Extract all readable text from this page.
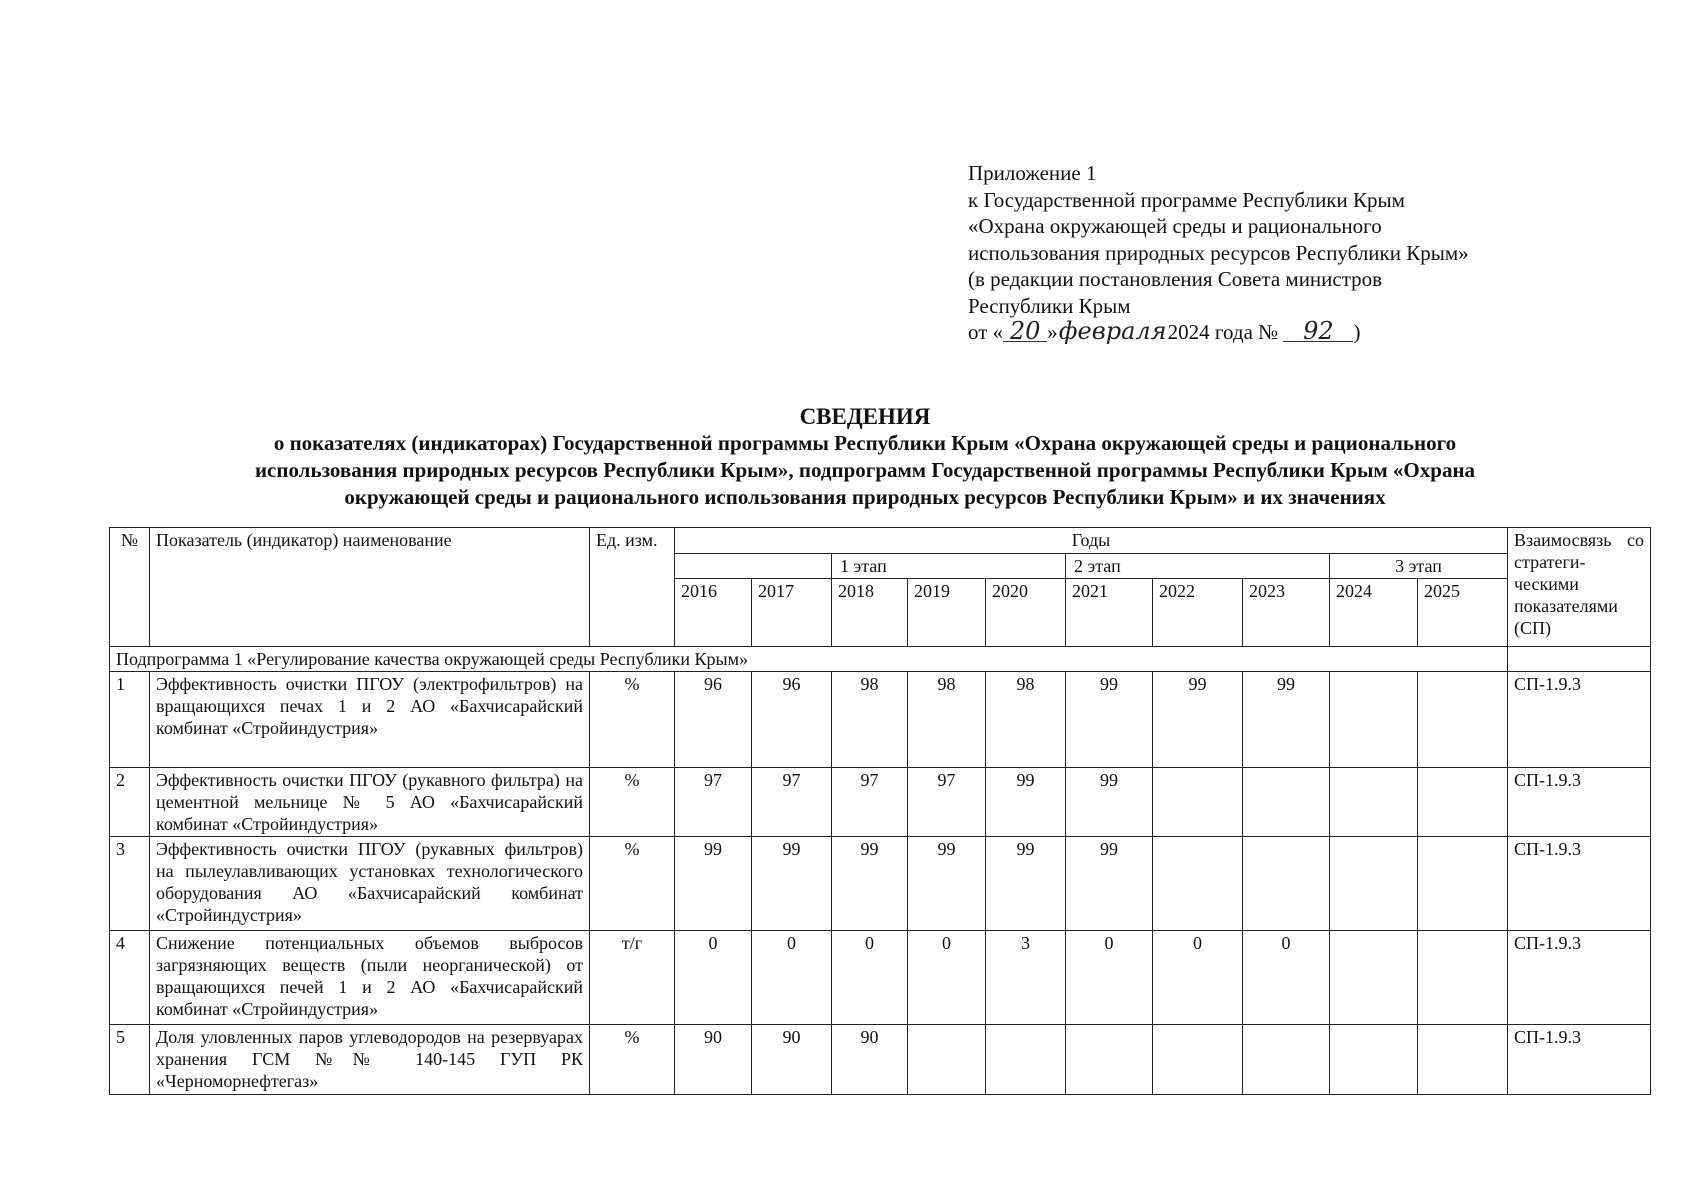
Приложение 1
к Государственной программе Республики Крым
«Охрана окружающей среды и рационального
использования природных ресурсов Республики Крым»
(в редакции постановления Совета министров
Республики Крым
от « 20 »февраля2024 года № 92 )
СВЕДЕНИЯ
о показателях (индикаторах) Государственной программы Республики Крым «Охрана окружающей среды и рационального
использования природных ресурсов Республики Крым», подпрограмм Государственной программы Республики Крым «Охрана
окружающей среды и рационального использования природных ресурсов Республики Крым» и их значениях
№	Показатель (индикатор) наименование	Ед. изм.	Годы										Взаимосвязь со стратеги-ческими показателями (СП)
					1 этап			2 этап			3 этап		
			2016	2017	2018	2019	2020	2021	2022	2023	2024	2025	
Подпрограмма 1 «Регулирование качества окружающей среды Республики Крым»													
1	Эффективность очистки ПГОУ (электрофильтров) на вращающихся печах 1 и 2 АО «Бахчисарайский комбинат «Стройиндустрия»	%	96	96	98	98	98	99	99	99			СП-1.9.3
2	Эффективность очистки ПГОУ (рукавного фильтра) на цементной мельнице № 5 АО «Бахчисарайский комбинат «Стройиндустрия»	%	97	97	97	97	99	99					СП-1.9.3
3	Эффективность очистки ПГОУ (рукавных фильтров) на пылеулавливающих установках технологического оборудования АО «Бахчисарайский комбинат «Стройиндустрия»	%	99	99	99	99	99	99					СП-1.9.3
4	Снижение потенциальных объемов выбросов загрязняющих веществ (пыли неорганической) от вращающихся печей 1 и 2 АО «Бахчисарайский комбинат «Стройиндустрия»	т/г	0	0	0	0	3	0	0	0			СП-1.9.3
5	Доля уловленных паров углеводородов на резервуарах хранения ГСМ №№ 140-145 ГУП РК «Черноморнефтегаз»	%	90	90	90								СП-1.9.3
